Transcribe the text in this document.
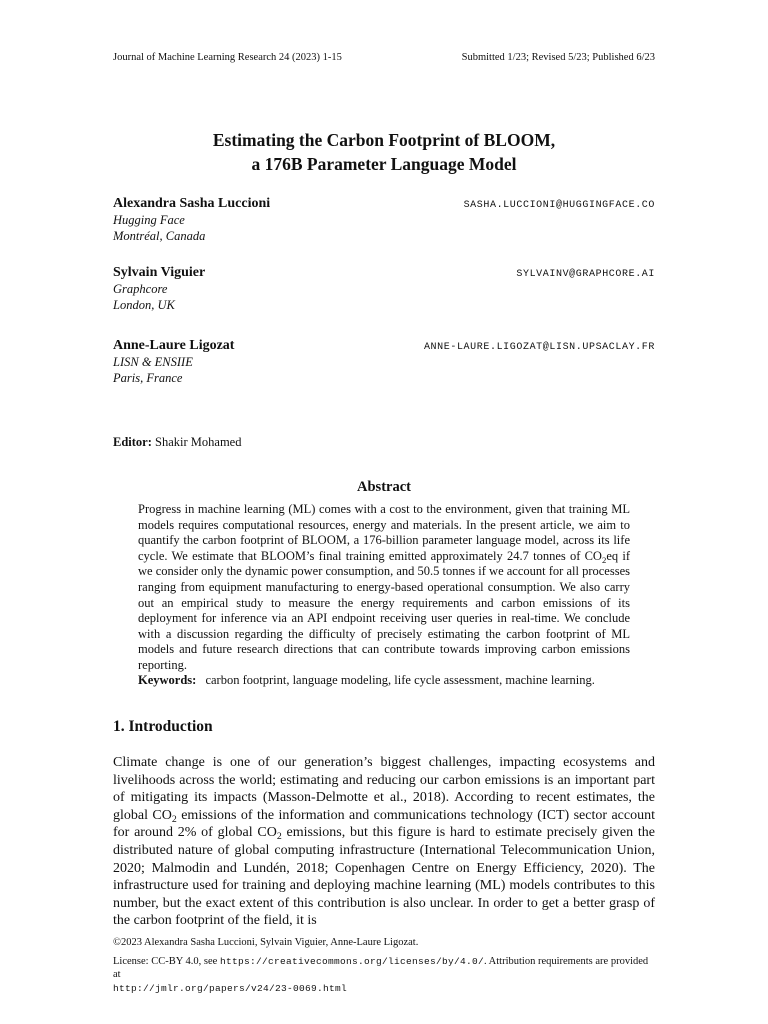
Journal of Machine Learning Research 24 (2023) 1-15	Submitted 1/23; Revised 5/23; Published 6/23
Estimating the Carbon Footprint of BLOOM,
a 176B Parameter Language Model
Alexandra Sasha Luccioni	SASHA.LUCCIONI@HUGGINGFACE.CO
Hugging Face
Montréal, Canada
Sylvain Viguier	SYLVAINV@GRAPHCORE.AI
Graphcore
London, UK
Anne-Laure Ligozat	ANNE-LAURE.LIGOZAT@LISN.UPSACLAY.FR
LISN & ENSIIE
Paris, France
Editor: Shakir Mohamed
Abstract
Progress in machine learning (ML) comes with a cost to the environment, given that training ML models requires computational resources, energy and materials. In the present article, we aim to quantify the carbon footprint of BLOOM, a 176-billion parameter language model, across its life cycle. We estimate that BLOOM’s final training emitted approximately 24.7 tonnes of $CO_2eq$ if we consider only the dynamic power consumption, and 50.5 tonnes if we account for all processes ranging from equipment manufacturing to energy-based operational consumption. We also carry out an empirical study to measure the energy requirements and carbon emissions of its deployment for inference via an API endpoint receiving user queries in real-time. We conclude with a discussion regarding the difficulty of precisely estimating the carbon footprint of ML models and future research directions that can contribute towards improving carbon emissions reporting.
Keywords: carbon footprint, language modeling, life cycle assessment, machine learning.
1. Introduction
Climate change is one of our generation’s biggest challenges, impacting ecosystems and livelihoods across the world; estimating and reducing our carbon emissions is an important part of mitigating its impacts (Masson-Delmotte et al., 2018). According to recent estimates, the global $CO_2$ emissions of the information and communications technology (ICT) sector account for around 2% of global $CO_2$ emissions, but this figure is hard to estimate precisely given the distributed nature of global computing infrastructure (International Telecommunication Union, 2020; Malmodin and Lundén, 2018; Copenhagen Centre on Energy Efficiency, 2020). The infrastructure used for training and deploying machine learning (ML) models contributes to this number, but the exact extent of this contribution is also unclear. In order to get a better grasp of the carbon footprint of the field, it is
©2023 Alexandra Sasha Luccioni, Sylvain Viguier, Anne-Laure Ligozat.
License: CC-BY 4.0, see https://creativecommons.org/licenses/by/4.0/. Attribution requirements are provided at
http://jmlr.org/papers/v24/23-0069.html
